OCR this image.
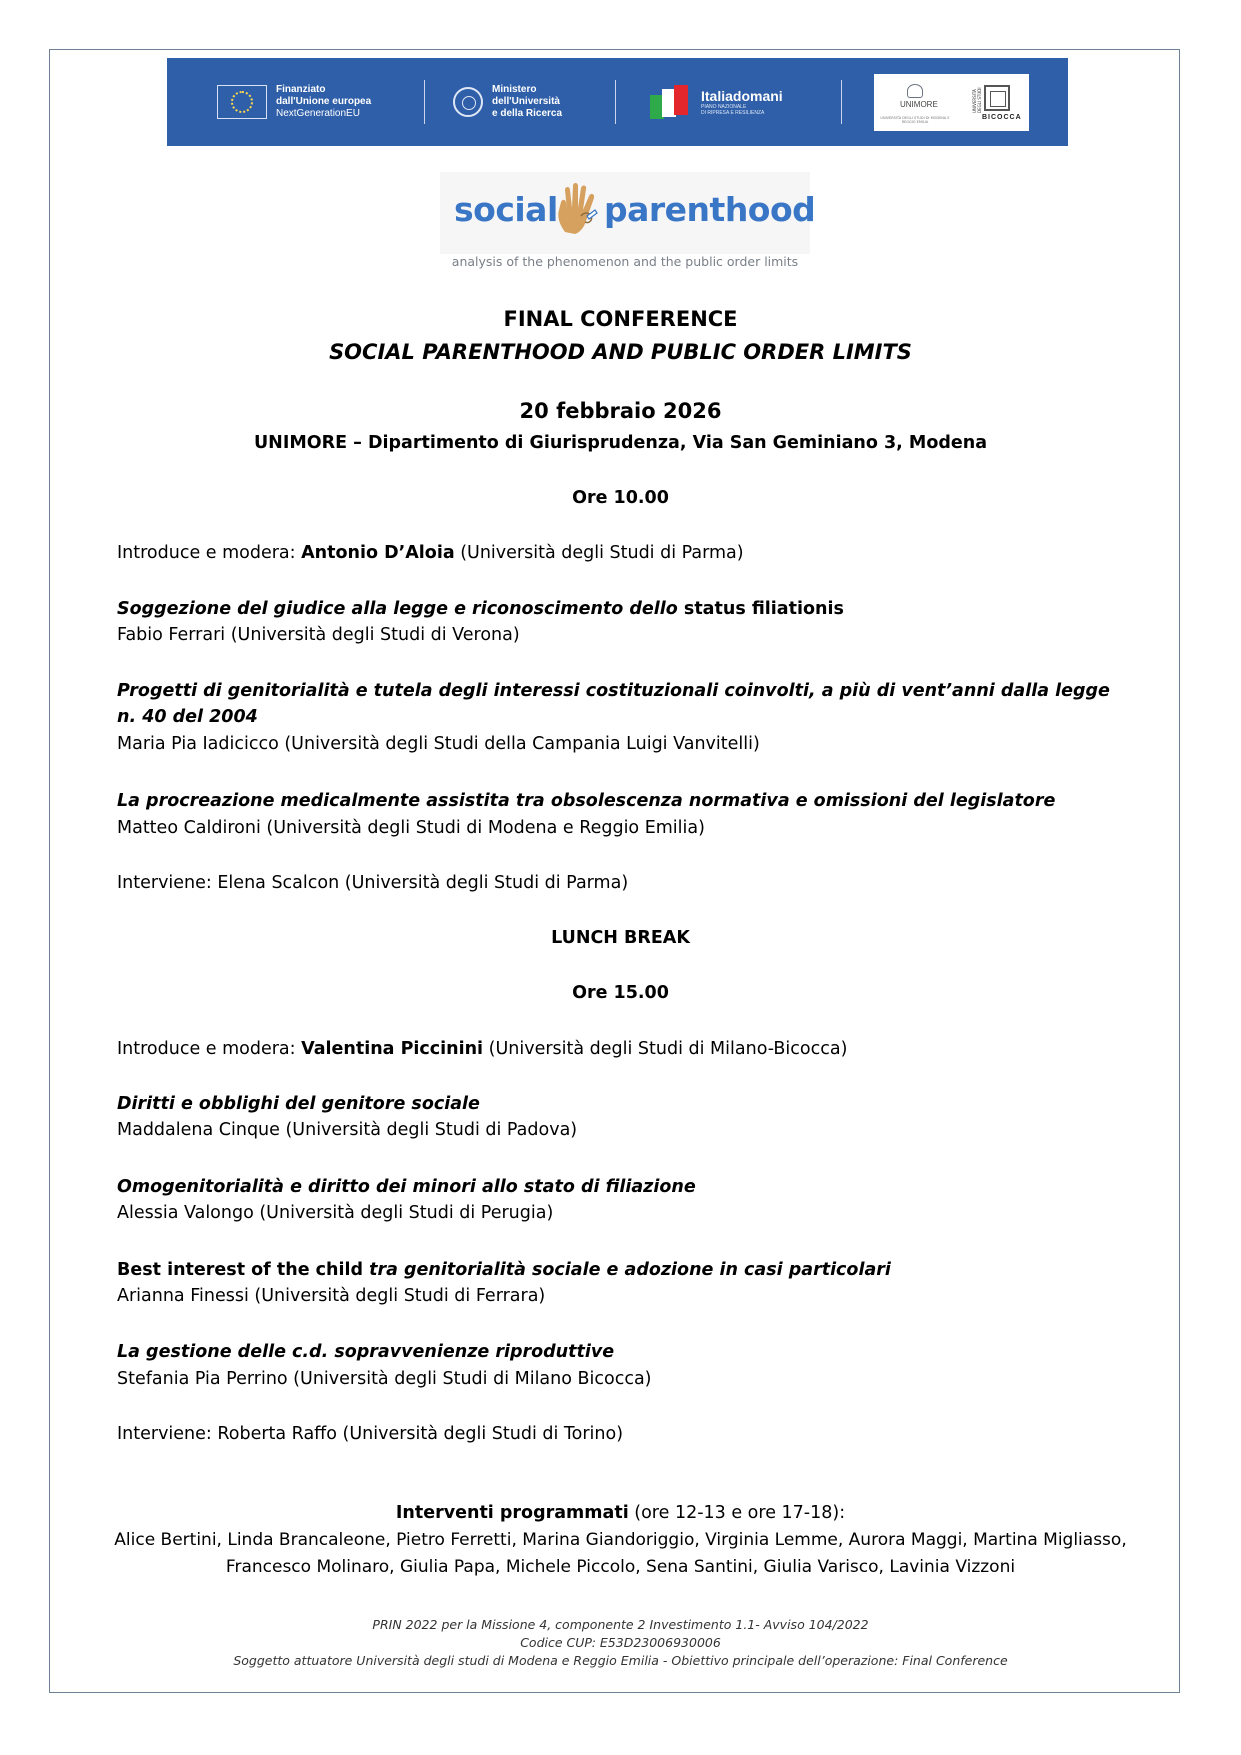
Finanziato
dall'Unione europea
NextGenerationEU
Ministero
dell'Università
e della Ricerca
Italiadomani
PIANO NAZIONALE
DI RIPRESA E RESILIENZA
UNIMORE
UNIVERSITÀ DEGLI STUDI DI MODENA E REGGIO EMILIA
UNIVERSITÀ DEGLI STUDI
BICOCCA
social parenthood
analysis of the phenomenon and the public order limits
FINAL CONFERENCE
SOCIAL PARENTHOOD AND PUBLIC ORDER LIMITS
20 febbraio 2026
UNIMORE – Dipartimento di Giurisprudenza, Via San Geminiano 3, Modena
Ore 10.00
Introduce e modera: Antonio D’Aloia (Università degli Studi di Parma)
Soggezione del giudice alla legge e riconoscimento dello status filiationis
Fabio Ferrari (Università degli Studi di Verona)
Progetti di genitorialità e tutela degli interessi costituzionali coinvolti, a più di vent’anni dalla legge
n. 40 del 2004
Maria Pia Iadicicco (Università degli Studi della Campania Luigi Vanvitelli)
La procreazione medicalmente assistita tra obsolescenza normativa e omissioni del legislatore
Matteo Caldironi (Università degli Studi di Modena e Reggio Emilia)
Interviene: Elena Scalcon (Università degli Studi di Parma)
LUNCH BREAK
Ore 15.00
Introduce e modera: Valentina Piccinini (Università degli Studi di Milano-Bicocca)
Diritti e obblighi del genitore sociale
Maddalena Cinque (Università degli Studi di Padova)
Omogenitorialità e diritto dei minori allo stato di filiazione
Alessia Valongo (Università degli Studi di Perugia)
Best interest of the child tra genitorialità sociale e adozione in casi particolari
Arianna Finessi (Università degli Studi di Ferrara)
La gestione delle c.d. sopravvenienze riproduttive
Stefania Pia Perrino (Università degli Studi di Milano Bicocca)
Interviene: Roberta Raffo (Università degli Studi di Torino)
Interventi programmati (ore 12-13 e ore 17-18):
Alice Bertini, Linda Brancaleone, Pietro Ferretti, Marina Giandoriggio, Virginia Lemme, Aurora Maggi, Martina Migliasso,
Francesco Molinaro, Giulia Papa, Michele Piccolo, Sena Santini, Giulia Varisco, Lavinia Vizzoni
PRIN 2022 per la Missione 4, componente 2 Investimento 1.1- Avviso 104/2022
Codice CUP: E53D23006930006
Soggetto attuatore Università degli studi di Modena e Reggio Emilia - Obiettivo principale dell’operazione: Final Conference
